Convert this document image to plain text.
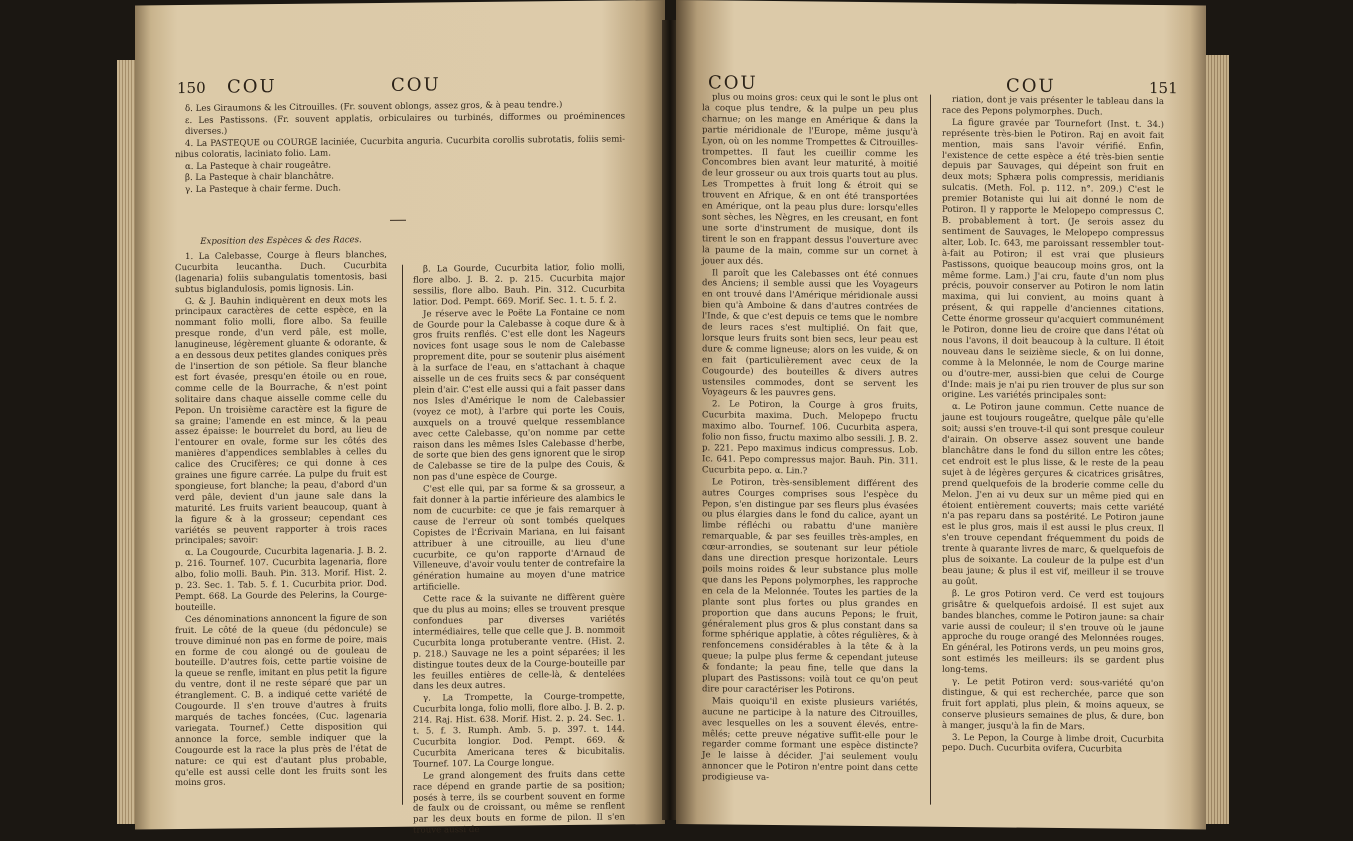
150 COU	COU

δ. Les Giraumons & les Citrouilles. (Fr. souvent oblongs, assez gros, & à peau tendre.)

ε. Les Pastissons. (Fr. souvent applatis, orbiculaires ou turbinés, difformes ou proéminences diverses.)

4. La PASTEQUE ou COURGE laciniée, Cucurbita anguria. Cucurbita corollis subrotatis, foliis semi-nibus coloratis, laciniato folio. Lam.

α. La Pasteque à chair rougeâtre.

β. La Pasteque à chair blanchâtre.

γ. La Pasteque à chair ferme. Duch.

Exposition des Espèces & des Races.

1. La Calebasse, Courge à fleurs blanches, Cucurbita leucantha. Duch. Cucurbita (lagenaria) foliis subangulatis tomentosis, basi subtus biglandulosis, pomis lignosis. Lin.

G. & J. Bauhin indiquèrent en deux mots les principaux caractères de cette espèce, en la nommant folio molli, flore albo. Sa feuille presque ronde, d'un verd pâle, est molle, lanugineuse, légèrement gluante & odorante, & a en dessous deux petites glandes coniques près de l'insertion de son pétiole. Sa fleur blanche est fort évasée, presqu'en étoile ou en roue, comme celle de la Bourrache, & n'est point solitaire dans chaque aisselle comme celle du Pepon. Un troisième caractère est la figure de sa graine; l'amende en est mince, & la peau assez épaisse: le bourrelet du bord, au lieu de l'entourer en ovale, forme sur les côtés des manières d'appendices semblables à celles du calice des Crucifères; ce qui donne à ces graines une figure carrée. La pulpe du fruit est spongieuse, fort blanche; la peau, d'abord d'un verd pâle, devient d'un jaune sale dans la maturité. Les fruits varient beaucoup, quant à la figure & à la grosseur; cependant ces variétés se peuvent rapporter à trois races principales; savoir:

α. La Cougourde, Cucurbita lagenaria. J. B. 2. p. 216. Tournef. 107. Cucurbita lagenaria, flore albo, folio molli. Bauh. Pin. 313. Morif. Hist. 2. p. 23. Sec. 1. Tab. 5. f. 1. Cucurbita prior. Dod. Pempt. 668. La Gourde des Pelerins, la Courge-bouteille.

Ces dénominations annoncent la figure de son fruit. Le côté de la queue (du pédoncule) se trouve diminué non pas en forme de poire, mais en forme de cou alongé ou de gouleau de bouteille. D'autres fois, cette partie voisine de la queue se renfle, imitant en plus petit la figure du ventre, dont il ne reste séparé que par un étranglement. C. B. a indiqué cette variété de Cougourde. Il s'en trouve d'autres à fruits marqués de taches foncées, (Cuc. lagenaria variegata. Tournef.) Cette disposition qui annonce la force, semble indiquer que la Cougourde est la race la plus près de l'état de nature: ce qui est d'autant plus probable, qu'elle est aussi celle dont les fruits sont les moins gros.

β. La Gourde, Cucurbita latior, folio molli, flore albo. J. B. 2. p. 215. Cucurbita major sessilis, flore albo. Bauh. Pin. 312. Cucurbita latior. Dod. Pempt. 669. Morif. Sec. 1. t. 5. f. 2.

Je réserve avec le Poëte La Fontaine ce nom de Gourde pour la Calebasse à coque dure & à gros fruits renflés. C'est elle dont les Nageurs novices font usage sous le nom de Calebasse proprement dite, pour se soutenir plus aisément à la surface de l'eau, en s'attachant à chaque aisselle un de ces fruits secs & par conséquent plein d'air. C'est elle aussi qui a fait passer dans nos Isles d'Amérique le nom de Calebassier (voyez ce mot), à l'arbre qui porte les Couis, auxquels on a trouvé quelque ressemblance avec cette Calebasse, qu'on nomme par cette raison dans les mêmes Isles Calebasse d'herbe, de sorte que bien des gens ignorent que le sirop de Calebasse se tire de la pulpe des Couis, & non pas d'une espèce de Courge.

C'est elle qui, par sa forme & sa grosseur, a fait donner à la partie inférieure des alambics le nom de cucurbite: ce que je fais remarquer à cause de l'erreur où sont tombés quelques Copistes de l'Écrivain Mariana, en lui faisant attribuer à une citrouille, au lieu d'une cucurbite, ce qu'on rapporte d'Arnaud de Villeneuve, d'avoir voulu tenter de contrefaire la génération humaine au moyen d'une matrice artificielle.

Cette race & la suivante ne diffèrent guère que du plus au moins; elles se trouvent presque confondues par diverses variétés intermédiaires, telle que celle que J. B. nommoit Cucurbita longa protuberante ventre. (Hist. 2. p. 218.) Sauvage ne les a point séparées; il les distingue toutes deux de la Courge-bouteille par les feuilles entières de celle-là, & dentelées dans les deux autres.

γ. La Trompette, la Courge-trompette, Cucurbita longa, folio molli, flore albo. J. B. 2. p. 214. Raj. Hist. 638. Morif. Hist. 2. p. 24. Sec. 1. t. 5. f. 3. Rumph. Amb. 5. p. 397. t. 144. Cucurbita longior. Dod. Pempt. 669. & Cucurbita Americana teres & bicubitalis. Tournef. 107. La Courge longue.

Le grand alongement des fruits dans cette race dépend en grande partie de sa position; posés à terre, ils se courbent souvent en forme de faulx ou de croissant, ou même se renflent par les deux bouts en forme de pilon. Il s'en trouve aussi de

COU	COU	151

plus ou moins gros: ceux qui le sont le plus ont la coque plus tendre, & la pulpe un peu plus charnue; on les mange en Amérique & dans la partie méridionale de l'Europe, même jusqu'à Lyon, où on les nomme Trompettes & Citrouilles-trompettes. Il faut les cueillir comme les Concombres bien avant leur maturité, à moitié de leur grosseur ou aux trois quarts tout au plus. Les Trompettes à fruit long & étroit qui se trouvent en Afrique, & en ont été transportées en Amérique, ont la peau plus dure: lorsqu'elles sont sèches, les Nègres, en les creusant, en font une sorte d'instrument de musique, dont ils tirent le son en frappant dessus l'ouverture avec la paume de la main, comme sur un cornet à jouer aux dés.

Il paroît que les Calebasses ont été connues des Anciens; il semble aussi que les Voyageurs en ont trouvé dans l'Amérique méridionale aussi bien qu'à Amboine & dans d'autres contrées de l'Inde, & que c'est depuis ce tems que le nombre de leurs races s'est multiplié. On fait que, lorsque leurs fruits sont bien secs, leur peau est dure & comme ligneuse; alors on les vuide, & on en fait (particulièrement avec ceux de la Cougourde) des bouteilles & divers autres ustensiles commodes, dont se servent les Voyageurs & les pauvres gens.

2. Le Potiron, la Courge à gros fruits, Cucurbita maxima. Duch. Melopepo fructu maximo albo. Tournef. 106. Cucurbita aspera, folio non fisso, fructu maximo albo sessili. J. B. 2. p. 221. Pepo maximus indicus compressus. Lob. Ic. 641. Pepo compressus major. Bauh. Pin. 311. Cucurbita pepo. α. Lin.?

Le Potiron, très-sensiblement différent des autres Courges comprises sous l'espèce du Pepon, s'en distingue par ses fleurs plus évasées ou plus élargies dans le fond du calice, ayant un limbe réfléchi ou rabattu d'une manière remarquable, & par ses feuilles très-amples, en cœur-arrondies, se soutenant sur leur pétiole dans une direction presque horizontale. Leurs poils moins roides & leur substance plus molle que dans les Pepons polymorphes, les rapproche en cela de la Melonnée. Toutes les parties de la plante sont plus fortes ou plus grandes en proportion que dans aucuns Pepons; le fruit, généralement plus gros & plus constant dans sa forme sphérique applatie, à côtes régulières, & à renfoncemens considérables à la tête & à la queue; la pulpe plus ferme & cependant juteuse & fondante; la peau fine, telle que dans la plupart des Pastissons: voilà tout ce qu'on peut dire pour caractériser les Potirons.

Mais quoiqu'il en existe plusieurs variétés, aucune ne participe à la nature des Citrouilles, avec lesquelles on les a souvent élevés, entre-mêlés; cette preuve négative suffit-elle pour le regarder comme formant une espèce distincte? Je le laisse à décider. J'ai seulement voulu annoncer que le Potiron n'entre point dans cette prodigieuse va-

riation, dont je vais présenter le tableau dans la race des Pepons polymorphes. Duch.

La figure gravée par Tournefort (Inst. t. 34.) représente très-bien le Potiron. Raj en avoit fait mention, mais sans l'avoir vérifié. Enfin, l'existence de cette espèce a été très-bien sentie depuis par Sauvages, qui dépeint son fruit en deux mots; Sphæra polis compressis, meridianis sulcatis. (Meth. Fol. p. 112. n°. 209.) C'est le premier Botaniste qui lui ait donné le nom de Potiron. Il y rapporte le Melopepo compressus C. B. probablement à tort. (Je serois assez du sentiment de Sauvages, le Melopepo compressus alter, Lob. Ic. 643, me paroissant ressembler tout-à-fait au Potiron; il est vrai que plusieurs Pastissons, quoique beaucoup moins gros, ont la même forme. Lam.) J'ai cru, faute d'un nom plus précis, pouvoir conserver au Potiron le nom latin maxima, qui lui convient, au moins quant à présent, & qui rappelle d'anciennes citations. Cette énorme grosseur qu'acquiert communément le Potiron, donne lieu de croire que dans l'état où nous l'avons, il doit beaucoup à la culture. Il étoit nouveau dans le seizième siecle, & on lui donne, comme à la Melonnée, le nom de Courge marine ou d'outre-mer, aussi-bien que celui de Courge d'Inde: mais je n'ai pu rien trouver de plus sur son origine. Les variétés principales sont:

α. Le Potiron jaune commun. Cette nuance de jaune est toujours rougeâtre, quelque pâle qu'elle soit; aussi s'en trouve-t-il qui sont presque couleur d'airain. On observe assez souvent une bande blanchâtre dans le fond du sillon entre les côtes; cet endroit est le plus lisse, & le reste de la peau sujet à de légères gerçures & cicatrices grisâtres, prend quelquefois de la broderie comme celle du Melon. J'en ai vu deux sur un même pied qui en étoient entièrement couverts; mais cette variété n'a pas reparu dans sa postérité. Le Potiron jaune est le plus gros, mais il est aussi le plus creux. Il s'en trouve cependant fréquemment du poids de trente à quarante livres de marc, & quelquefois de plus de soixante. La couleur de la pulpe est d'un beau jaune; & plus il est vif, meilleur il se trouve au goût.

β. Le gros Potiron verd. Ce verd est toujours grisâtre & quelquefois ardoisé. Il est sujet aux bandes blanches, comme le Potiron jaune: sa chair varie aussi de couleur; il s'en trouve où le jaune approche du rouge orangé des Melonnées rouges. En général, les Potirons verds, un peu moins gros, sont estimés les meilleurs: ils se gardent plus long-tems.

γ. Le petit Potiron verd: sous-variété qu'on distingue, & qui est recherchée, parce que son fruit fort applati, plus plein, & moins aqueux, se conserve plusieurs semaines de plus, & dure, bon à manger, jusqu'à la fin de Mars.

3. Le Pepon, la Courge à limbe droit, Cucurbita pepo. Duch. Cucurbita ovifera, Cucurbita
